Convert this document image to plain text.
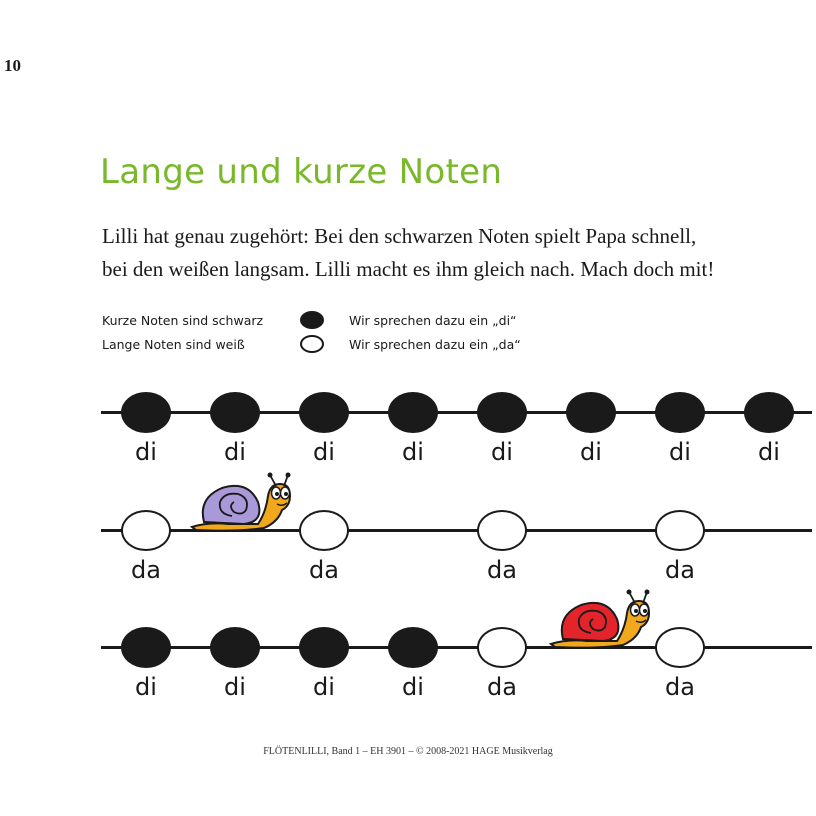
10
Lange und kurze Noten

Lilli hat genau zugehört: Bei den schwarzen Noten spielt Papa schnell,

bei den weißen langsam. Lilli macht es ihm gleich nach. Mach doch mit!

Kurze Noten sind schwarz	Wir sprechen dazu ein „di“
Lange Noten sind weiß	Wir sprechen dazu ein „da“
di	di	di	di	di	di	di	di
da	da	da	da
di	di	di	di	da	da
FLÖTENLILLI, Band 1 – EH 3901 – © 2008-2021 HAGE Musikverlag
